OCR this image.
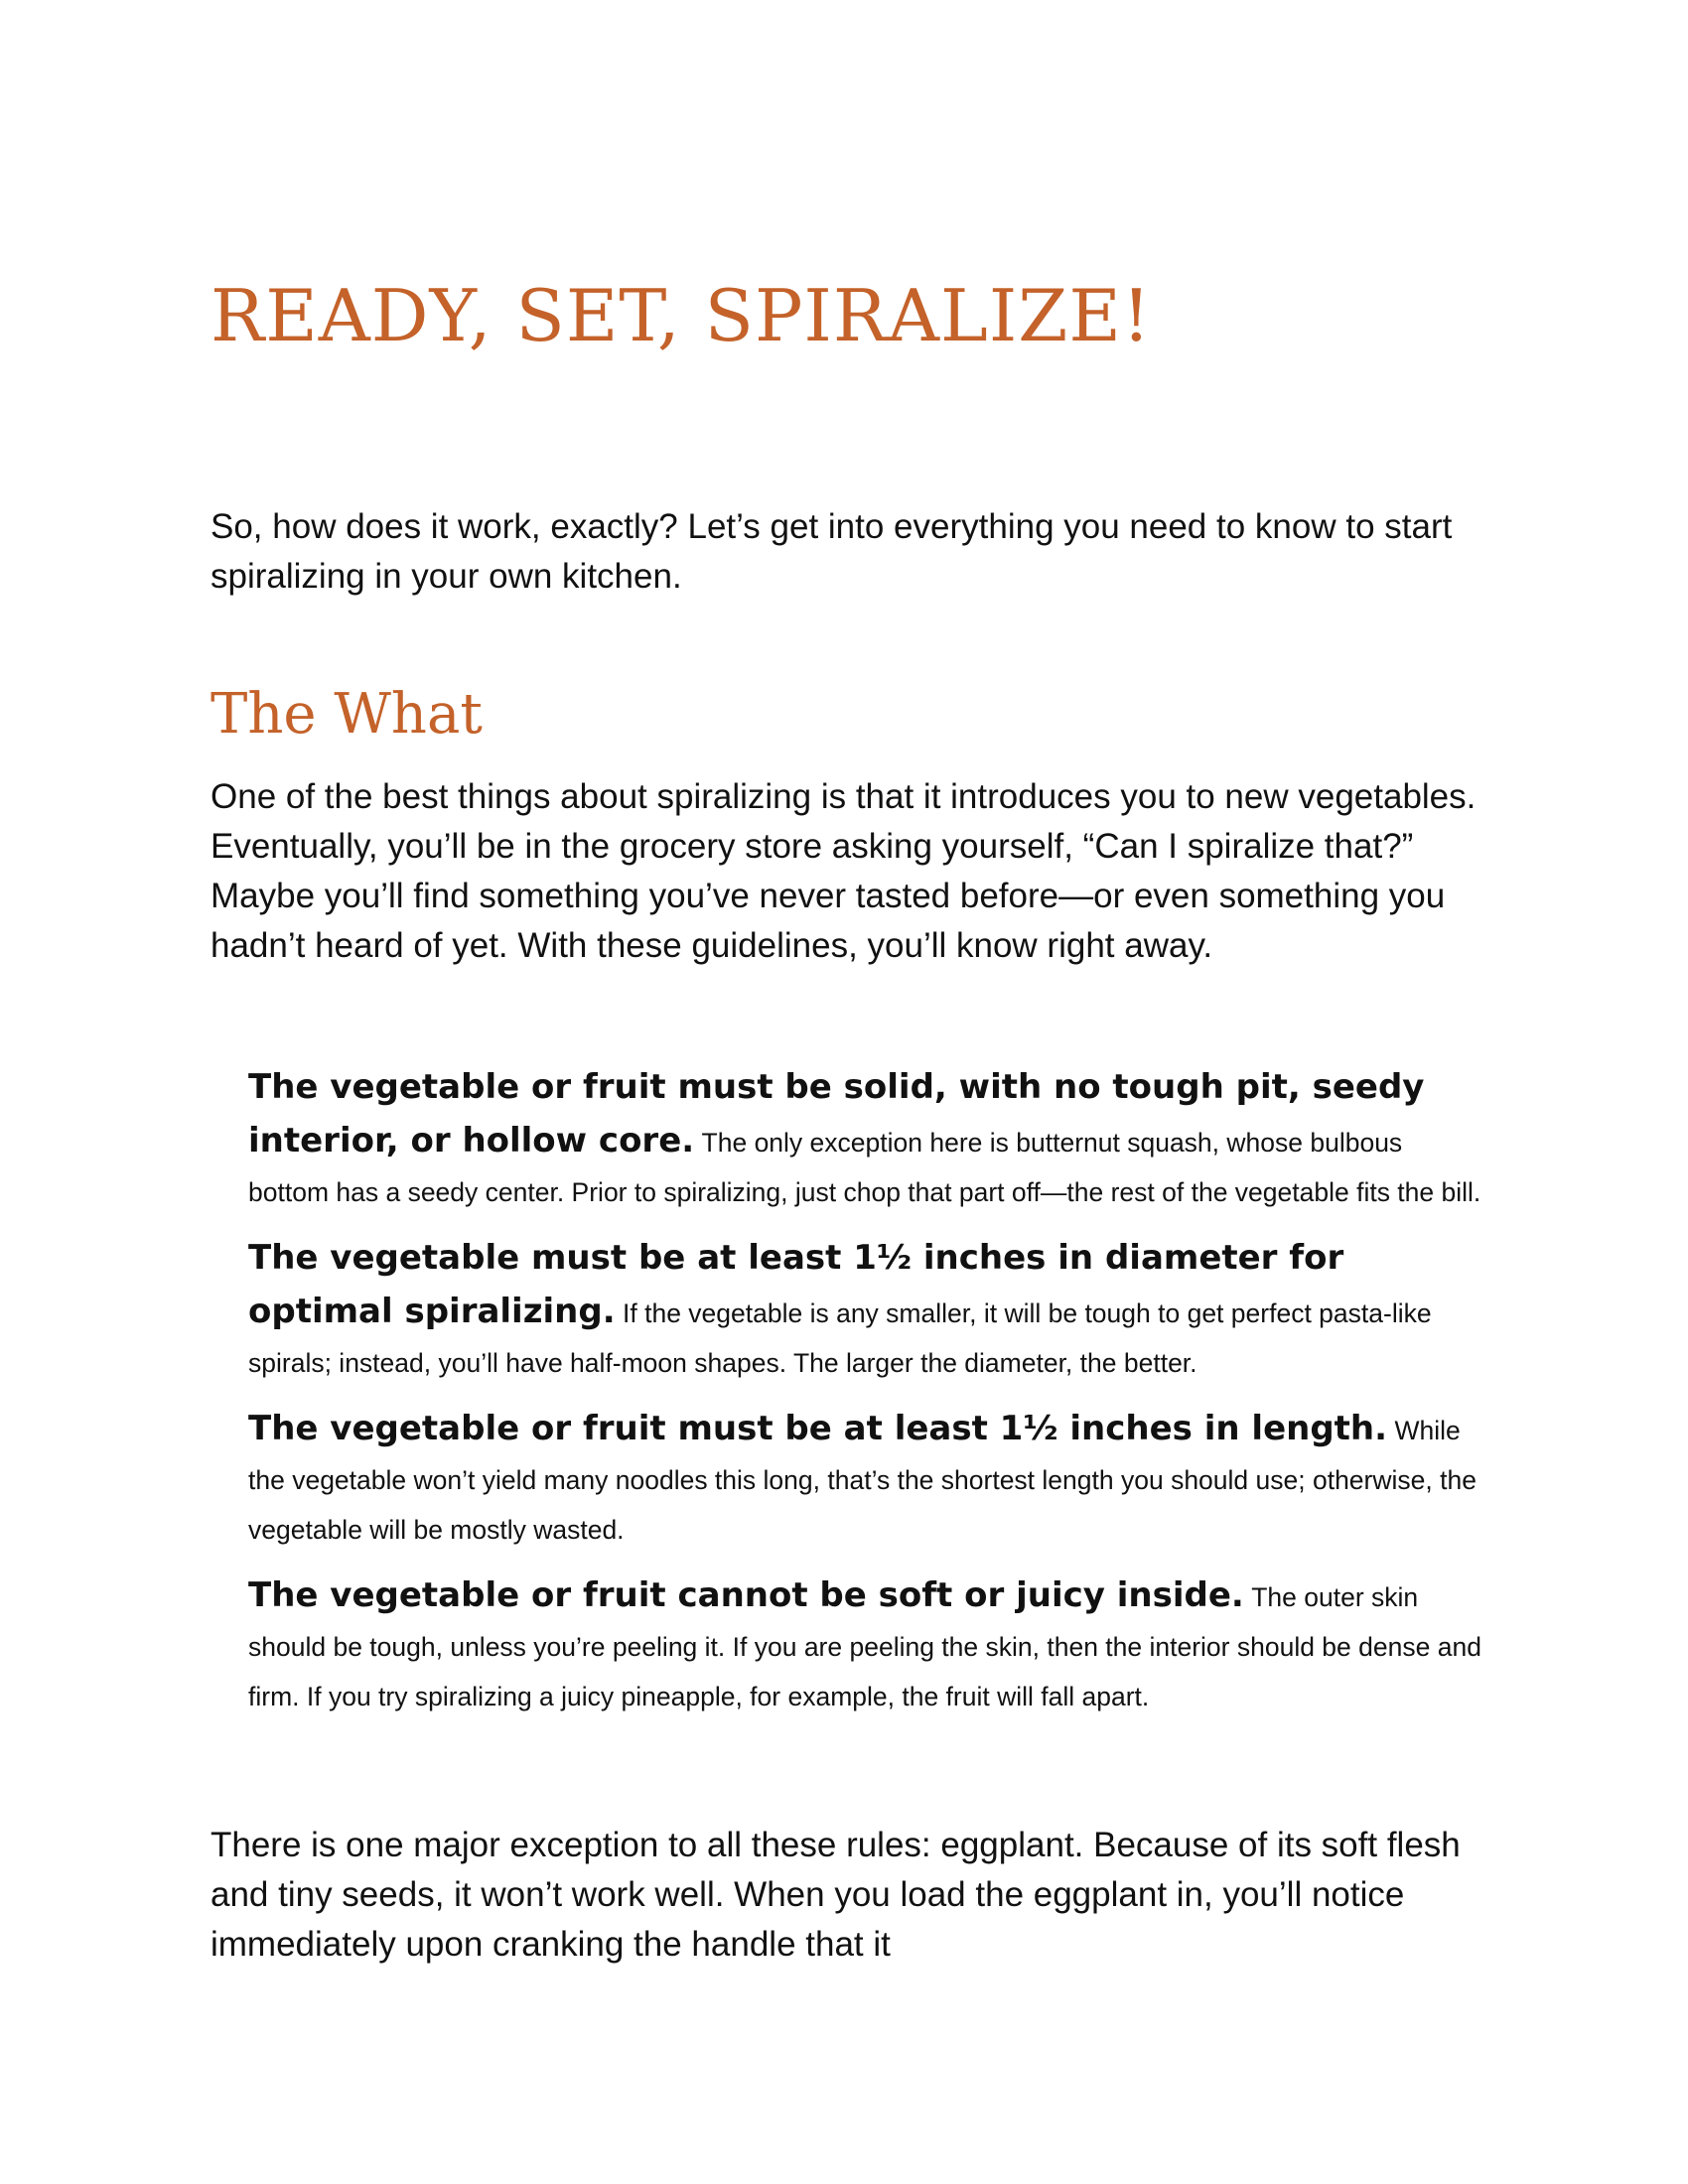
READY, SET, SPIRALIZE!

So, how does it work, exactly? Let’s get into everything you need to know to start spiralizing in your own kitchen.

The What

One of the best things about spiralizing is that it introduces you to new vegetables. Eventually, you’ll be in the grocery store asking yourself, “Can I spiralize that?” Maybe you’ll find something you’ve never tasted before—or even something you hadn’t heard of yet. With these guidelines, you’ll know right away.

The vegetable or fruit must be solid, with no tough pit, seedy interior, or hollow core. The only exception here is butternut squash, whose bulbous bottom has a seedy center. Prior to spiralizing, just chop that part off—the rest of the vegetable fits the bill.
The vegetable must be at least 1½ inches in diameter for optimal spiralizing. If the vegetable is any smaller, it will be tough to get perfect pasta-like spirals; instead, you’ll have half-moon shapes. The larger the diameter, the better.
The vegetable or fruit must be at least 1½ inches in length. While the vegetable won’t yield many noodles this long, that’s the shortest length you should use; otherwise, the vegetable will be mostly wasted.
The vegetable or fruit cannot be soft or juicy inside. The outer skin should be tough, unless you’re peeling it. If you are peeling the skin, then the interior should be dense and firm. If you try spiralizing a juicy pineapple, for example, the fruit will fall apart.

There is one major exception to all these rules: eggplant. Because of its soft flesh and tiny seeds, it won’t work well. When you load the eggplant in, you’ll notice immediately upon cranking the handle that it
